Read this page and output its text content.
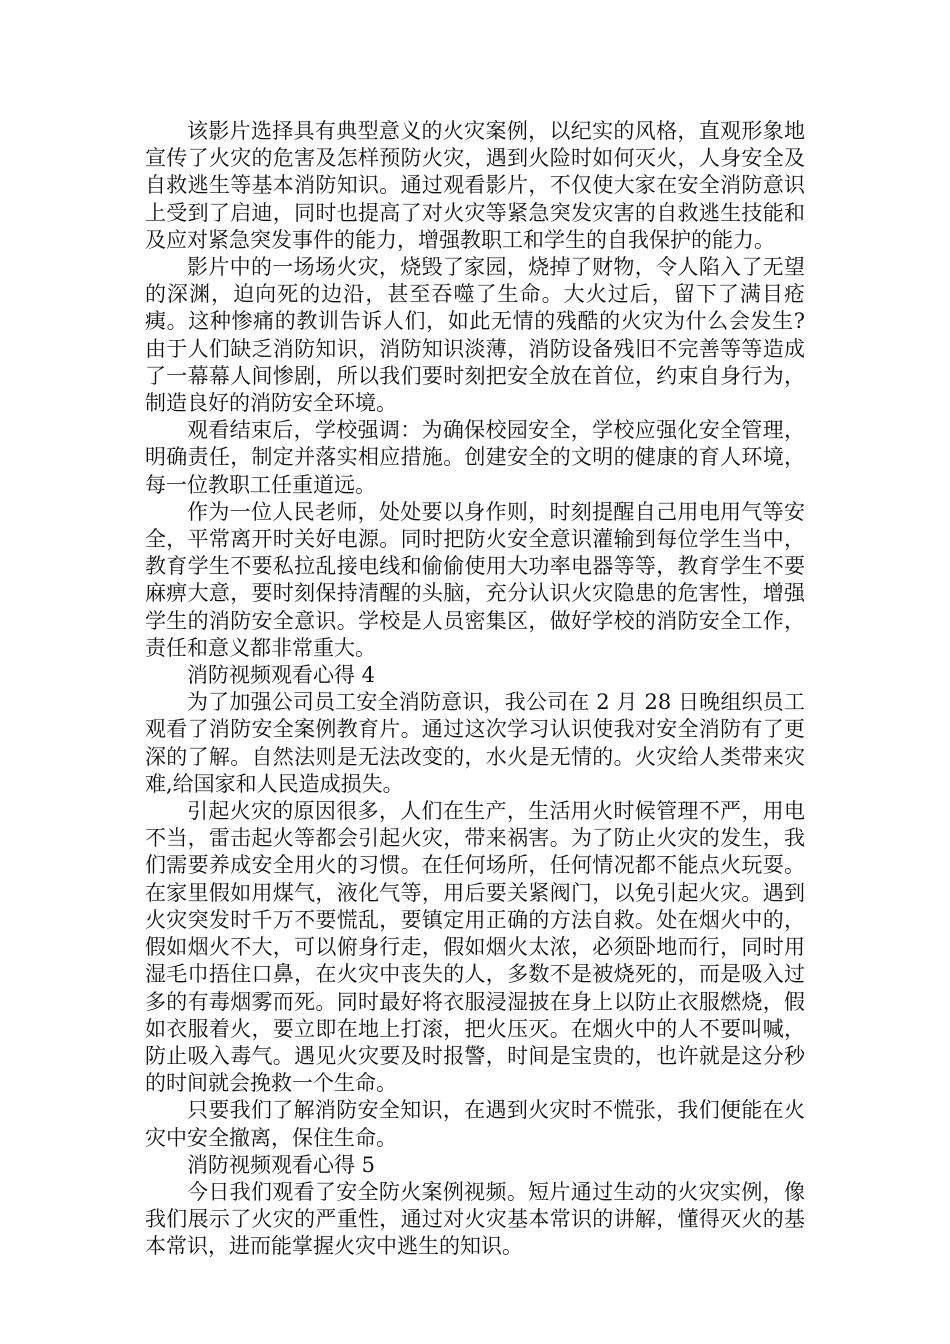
该影片选择具有典型意义的火灾案例，以纪实的风格，直观形象地宣传了火灾的危害及怎样预防火灾，遇到火险时如何灭火，人身安全及自救逃生等基本消防知识。通过观看影片，不仅使大家在安全消防意识上受到了启迪，同时也提高了对火灾等紧急突发灾害的自救逃生技能和及应对紧急突发事件的能力，增强教职工和学生的自我保护的能力。

影片中的一场场火灾，烧毁了家园，烧掉了财物，令人陷入了无望的深渊，迫向死的边沿，甚至吞噬了生命。大火过后，留下了满目疮痍。这种惨痛的教训告诉人们，如此无情的残酷的火灾为什么会发生?由于人们缺乏消防知识，消防知识淡薄，消防设备残旧不完善等等造成了一幕幕人间惨剧，所以我们要时刻把安全放在首位，约束自身行为，制造良好的消防安全环境。

观看结束后，学校强调：为确保校园安全，学校应强化安全管理，明确责任，制定并落实相应措施。创建安全的文明的健康的育人环境，每一位教职工任重道远。

作为一位人民老师，处处要以身作则，时刻提醒自己用电用气等安全，平常离开时关好电源。同时把防火安全意识灌输到每位学生当中，教育学生不要私拉乱接电线和偷偷使用大功率电器等等，教育学生不要麻痹大意，要时刻保持清醒的头脑，充分认识火灾隐患的危害性，增强学生的消防安全意识。学校是人员密集区，做好学校的消防安全工作，责任和意义都非常重大。

消防视频观看心得 4

为了加强公司员工安全消防意识，我公司在 2 月 28 日晚组织员工观看了消防安全案例教育片。通过这次学习认识使我对安全消防有了更深的了解。自然法则是无法改变的，水火是无情的。火灾给人类带来灾难,给国家和人民造成损失。

引起火灾的原因很多，人们在生产，生活用火时候管理不严，用电不当，雷击起火等都会引起火灾，带来祸害。为了防止火灾的发生，我们需要养成安全用火的习惯。在任何场所，任何情况都不能点火玩耍。在家里假如用煤气，液化气等，用后要关紧阀门，以免引起火灾。遇到火灾突发时千万不要慌乱，要镇定用正确的方法自救。处在烟火中的，假如烟火不大，可以俯身行走，假如烟火太浓，必须卧地而行，同时用湿毛巾捂住口鼻，在火灾中丧失的人，多数不是被烧死的，而是吸入过多的有毒烟雾而死。同时最好将衣服浸湿披在身上以防止衣服燃烧，假如衣服着火，要立即在地上打滚，把火压灭。在烟火中的人不要叫喊，防止吸入毒气。遇见火灾要及时报警，时间是宝贵的，也许就是这分秒的时间就会挽救一个生命。

只要我们了解消防安全知识，在遇到火灾时不慌张，我们便能在火灾中安全撤离，保住生命。

消防视频观看心得 5

今日我们观看了安全防火案例视频。短片通过生动的火灾实例，像我们展示了火灾的严重性，通过对火灾基本常识的讲解，懂得灭火的基本常识，进而能掌握火灾中逃生的知识。
